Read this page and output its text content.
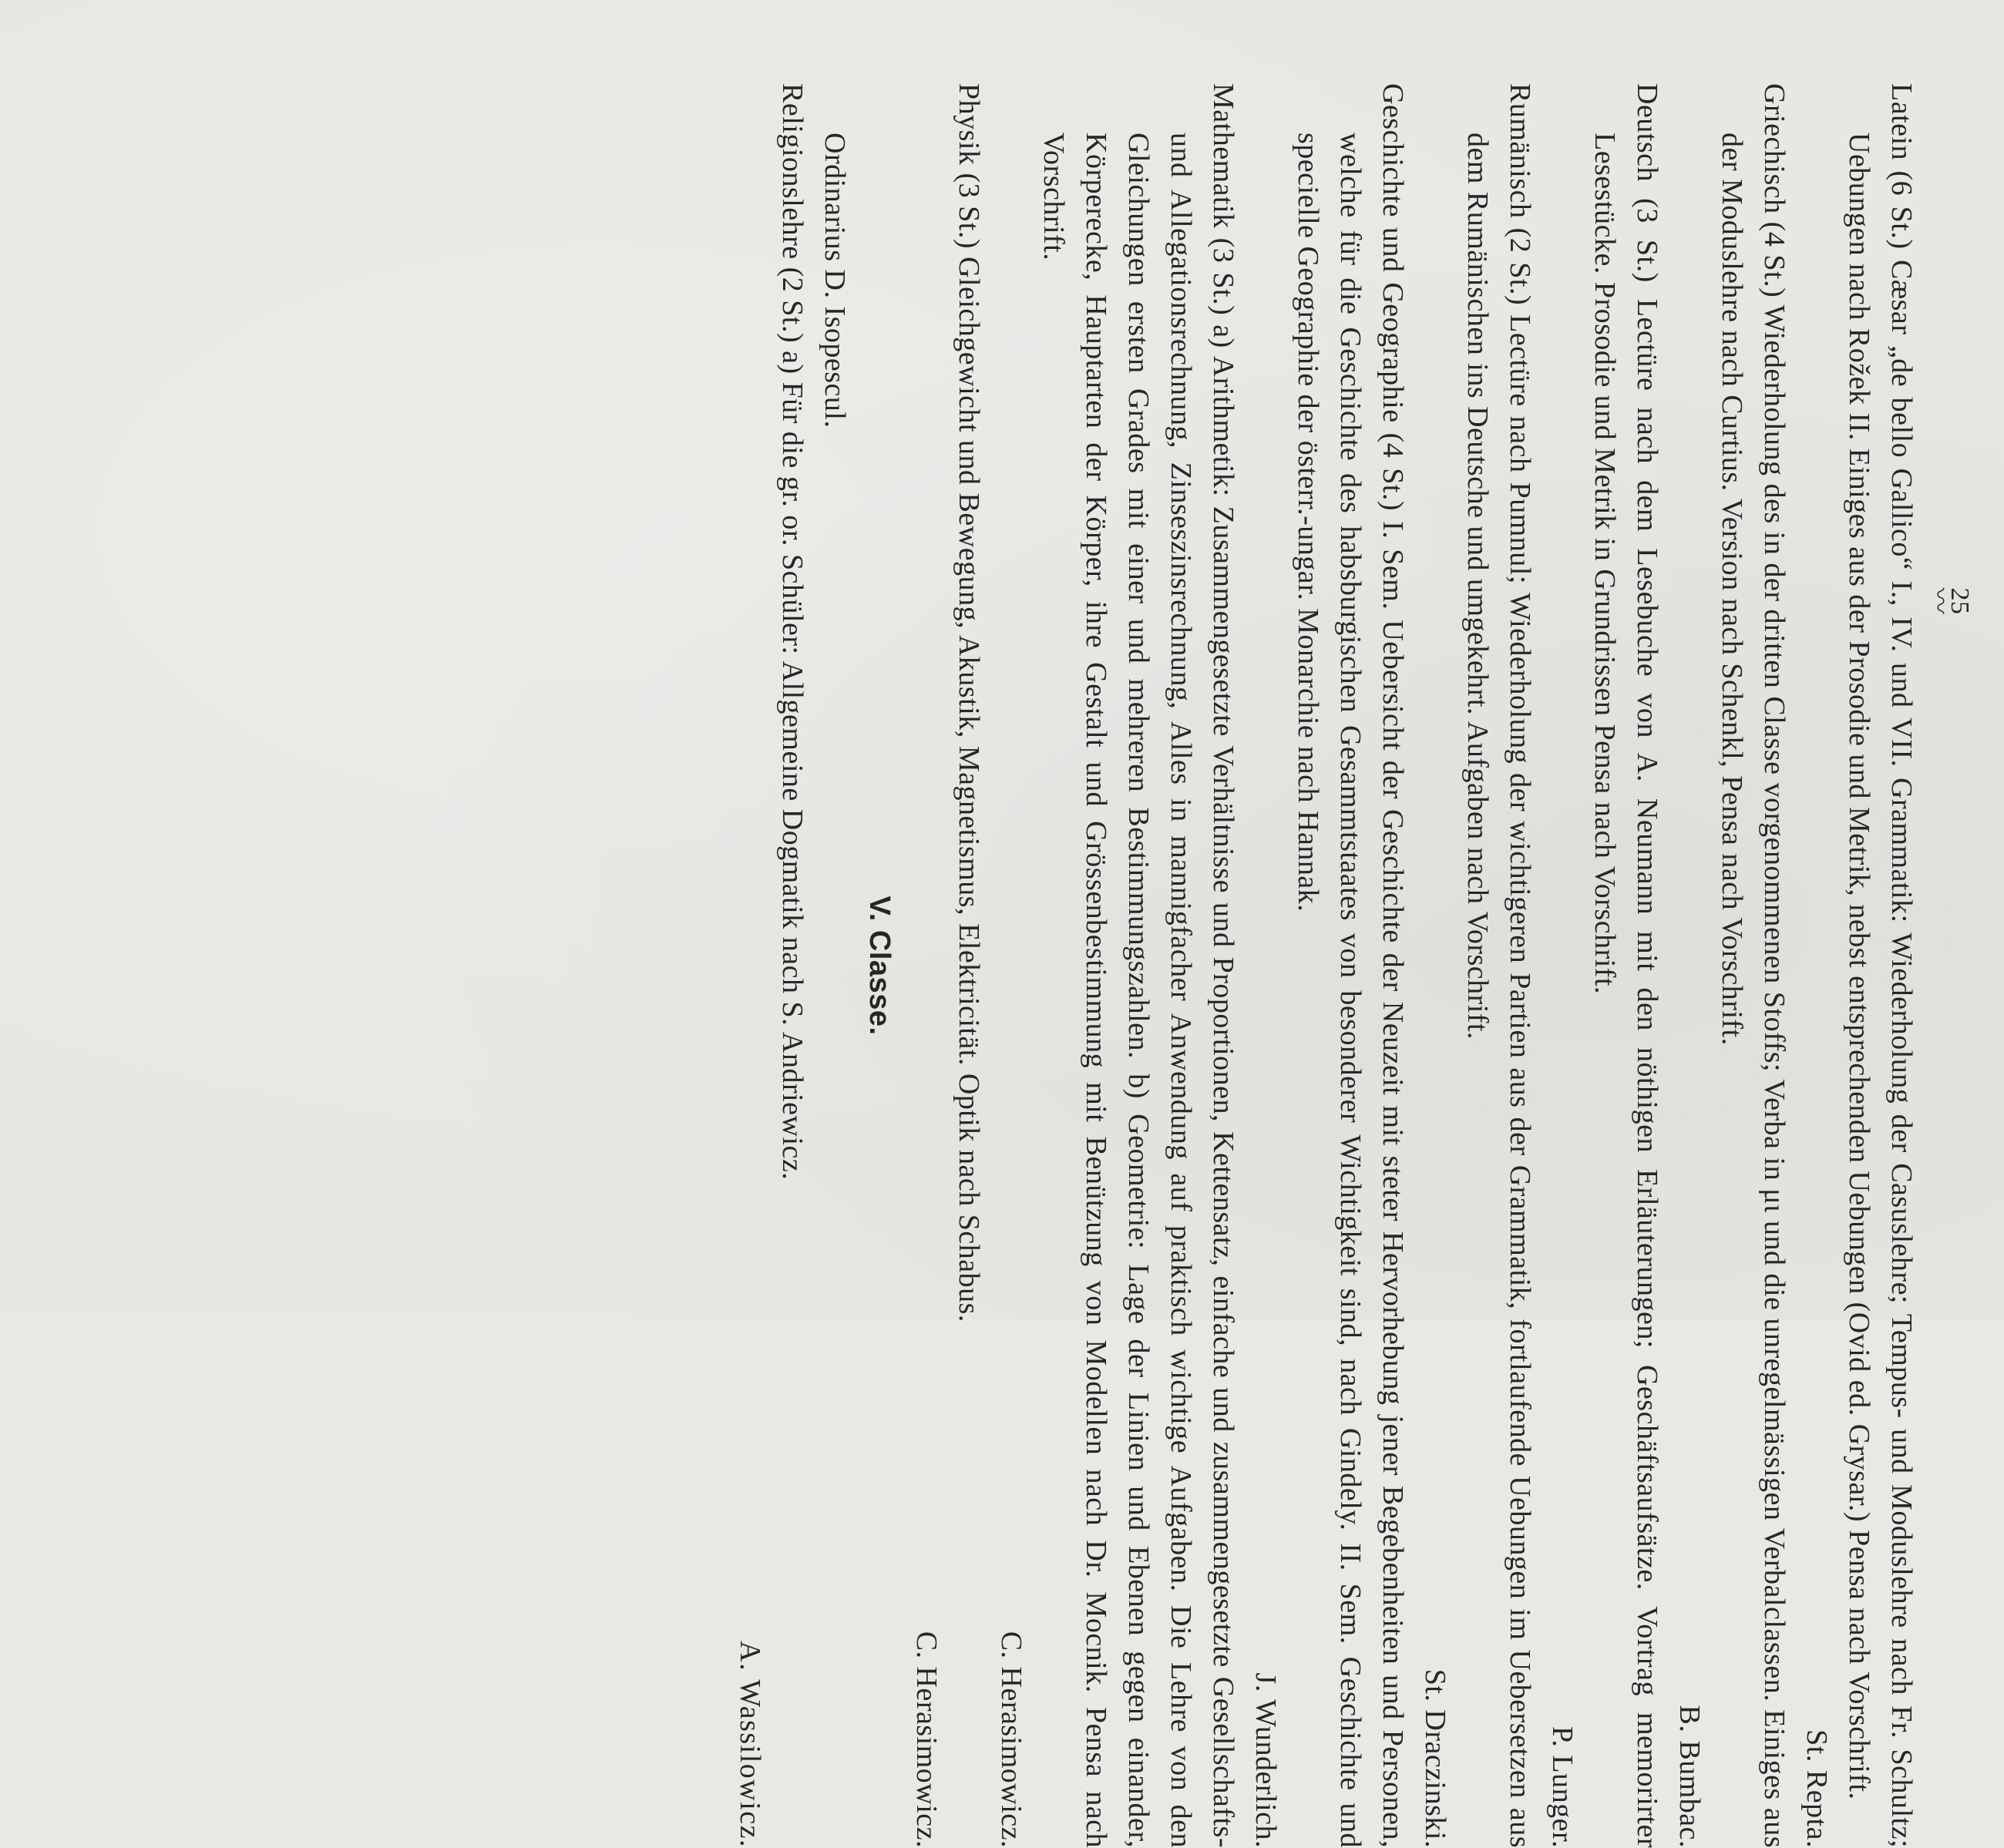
25
〰
Latein (6 St.) Cæsar „de bello Gallico“ I., IV. und VII. Grammatik: Wiederholung der Casuslehre; Tempus- und Moduslehre nach Fr. Schultz; Uebungen nach Rožek II. Einiges aus der Prosodie und Metrik, nebst entsprechenden Uebungen (Ovid ed. Grysar.) Pensa nach Vorschrift.
St. Repta.
Griechisch (4 St.) Wiederholung des in der dritten Classe vorgenommenen Stoffs; Verba in μι und die unregelmässigen Verbalclassen. Einiges aus der Moduslehre nach Curtius. Version nach Schenkl, Pensa nach Vorschrift.
B. Bumbac.
Deutsch (3 St.) Lectüre nach dem Lesebuche von A. Neumann mit den nöthigen Erläuterungen; Geschäftsaufsätze. Vortrag memorirter Lesestücke. Prosodie und Metrik in Grundrissen Pensa nach Vorschrift.
P. Lunger.
Rumänisch (2 St.) Lectüre nach Pumnul; Wiederholung der wichtigeren Partien aus der Grammatik, fortlaufende Uebungen im Uebersetzen aus dem Rumänischen ins Deutsche und umgekehrt. Aufgaben nach Vorschrift.
St. Draczinski.
Geschichte und Geographie (4 St.) I. Sem. Uebersicht der Geschichte der Neuzeit mit steter Hervorhebung jener Begebenheiten und Personen, welche für die Geschichte des habsburgischen Gesammtstaates von besonderer Wichtigkeit sind, nach Gindely. II. Sem. Geschichte und specielle Geographie der österr.-ungar. Monarchie nach Hannak.
J. Wunderlich.
Mathematik (3 St.) a) Arithmetik: Zusammengesetzte Verhältnisse und Proportionen, Kettensatz, einfache und zusammengesetzte Gesellschafts- und Allegationsrechnung, Zinseszinsrechnung, Alles in mannigfacher Anwendung auf praktisch wichtige Aufgaben. Die Lehre von den Gleichungen ersten Grades mit einer und mehreren Bestimmungszahlen. b) Geometrie: Lage der Linien und Ebenen gegen einander, Körperecke, Hauptarten der Körper, ihre Gestalt und Grössenbestimmung mit Benützung von Modellen nach Dr. Mocnik. Pensa nach Vorschrift.
C. Herasimowicz.
Physik (3 St.) Gleichgewicht und Bewegung, Akustik, Magnetismus, Elektricität. Optik nach Schabus.
C. Herasimowicz.
V. Classe.
Ordinarius D. Isopescul.
Religionslehre (2 St.) a) Für die gr. or. Schüler: Allgemeine Dogmatik nach S. Andriewicz.
A. Wassilowicz.
